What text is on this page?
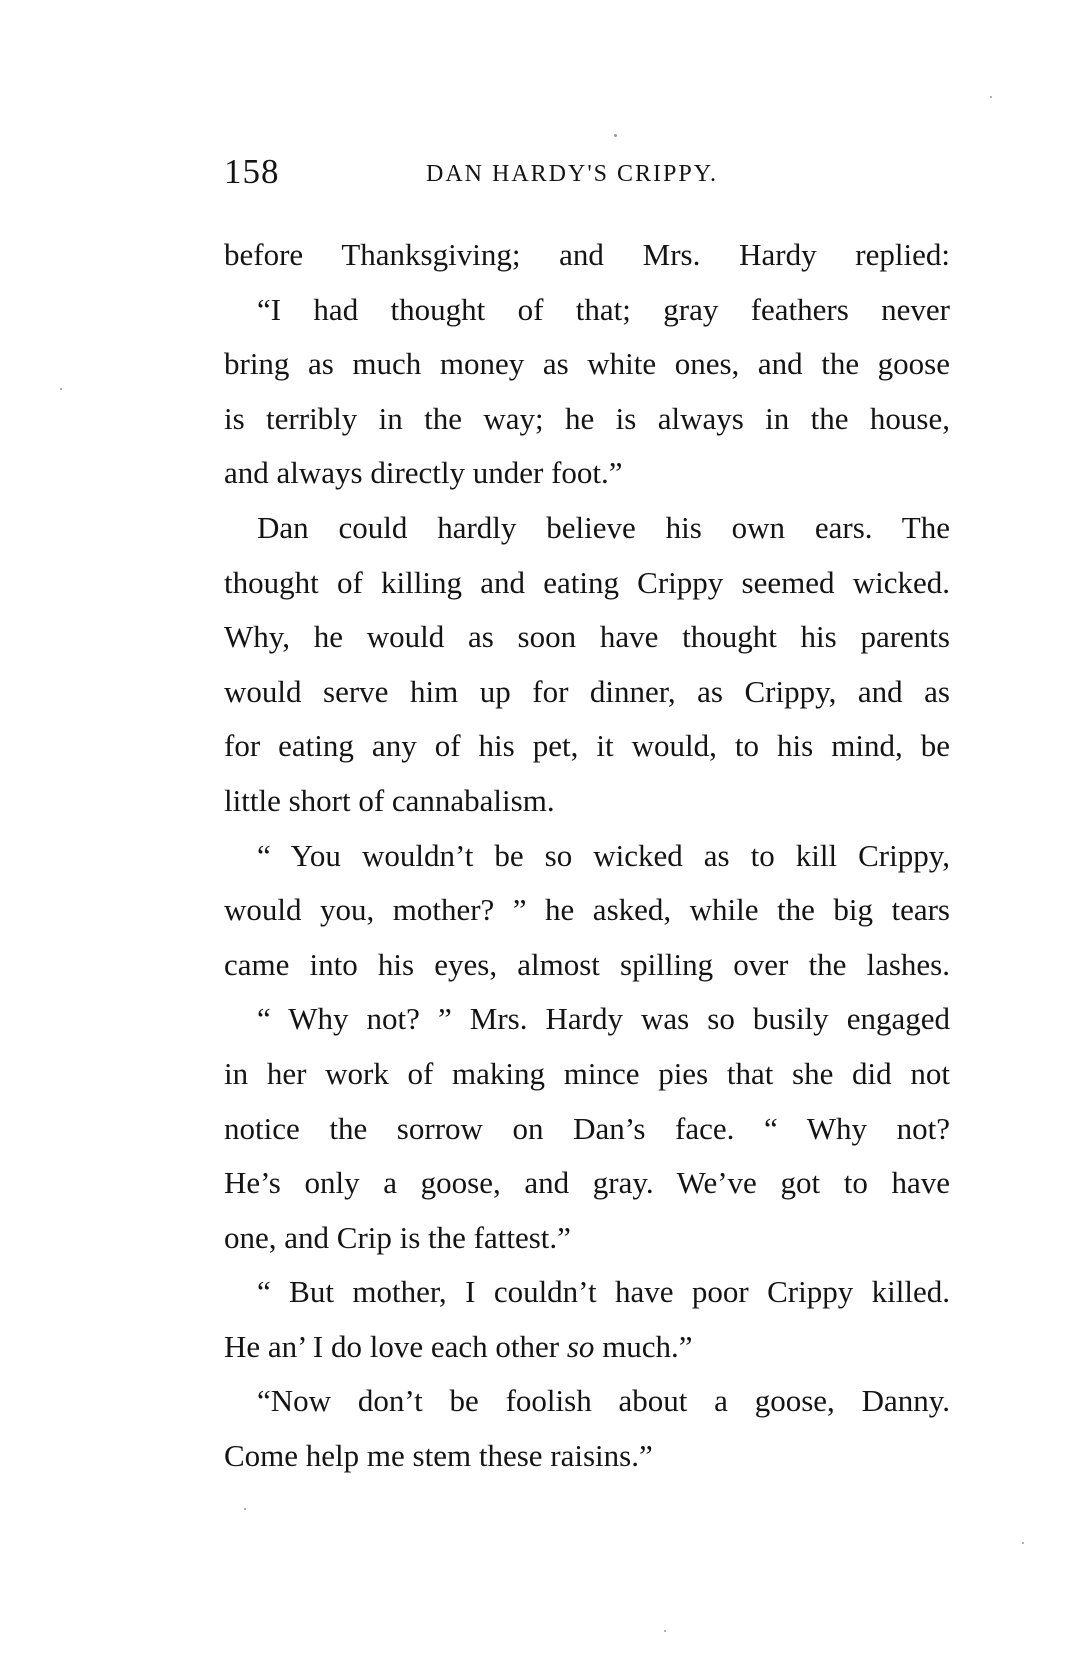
158	DAN HARDY'S CRIPPY.
before Thanksgiving; and Mrs. Hardy replied:
“I had thought of that; gray feathers never
bring as much money as white ones, and the goose
is terribly in the way; he is always in the house,
and always directly under foot.”
Dan could hardly believe his own ears. The
thought of killing and eating Crippy seemed wicked.
Why, he would as soon have thought his parents
would serve him up for dinner, as Crippy, and as
for eating any of his pet, it would, to his mind, be
little short of cannabalism.
“ You wouldn’t be so wicked as to kill Crippy,
would you, mother? ” he asked, while the big tears
came into his eyes, almost spilling over the lashes.
“ Why not? ” Mrs. Hardy was so busily engaged
in her work of making mince pies that she did not
notice the sorrow on Dan’s face. “ Why not?
He’s only a goose, and gray. We’ve got to have
one, and Crip is the fattest.”
“ But mother, I couldn’t have poor Crippy killed.
He an’ I do love each other so much.”
“Now don’t be foolish about a goose, Danny.
Come help me stem these raisins.”
